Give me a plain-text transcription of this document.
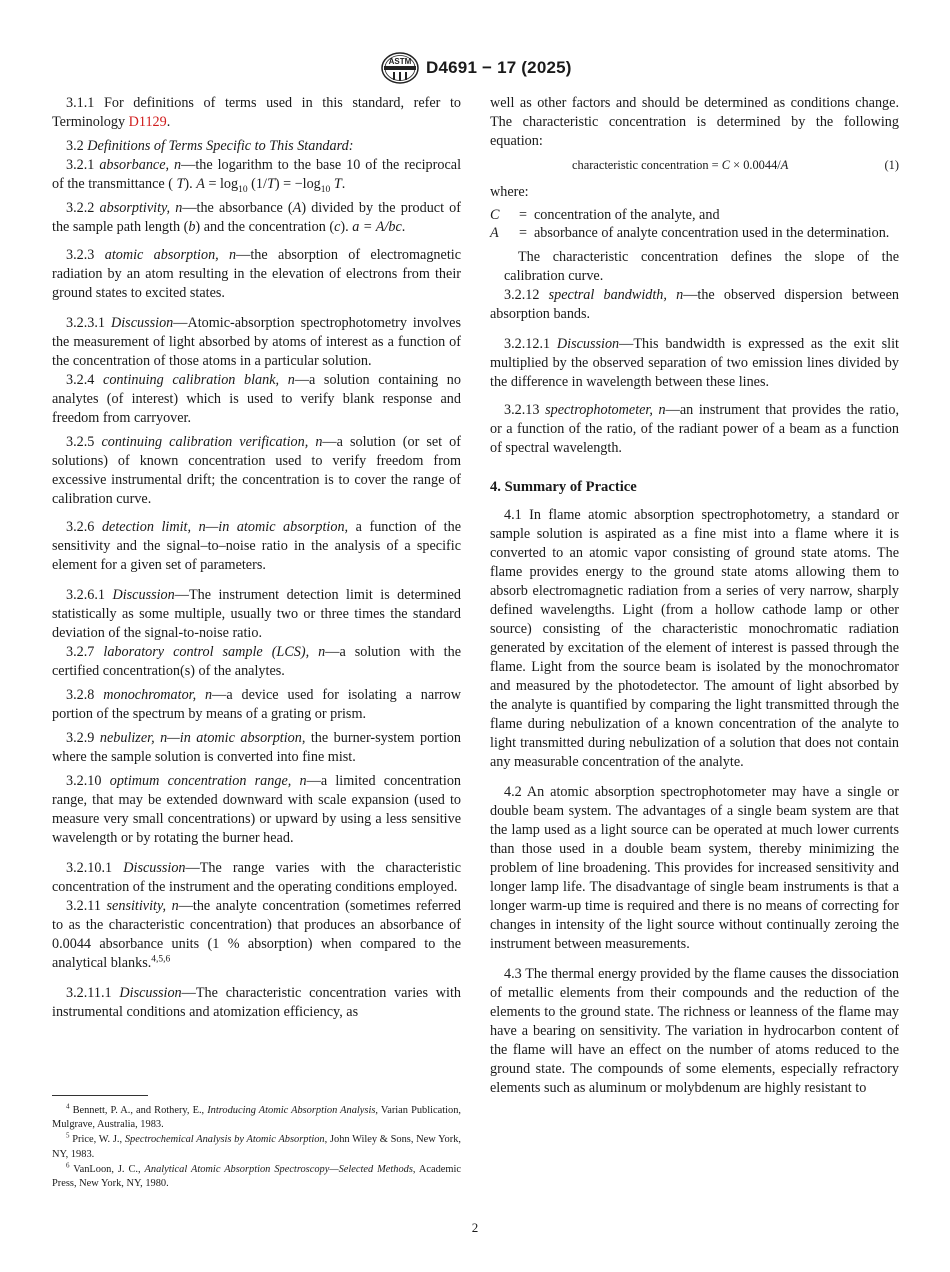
ASTM D4691 − 17 (2025)

3.1.1 For definitions of terms used in this standard, refer to Terminology D1129.

3.2 Definitions of Terms Specific to This Standard:

3.2.1 absorbance, n—the logarithm to the base 10 of the reciprocal of the transmittance ( T). $A = \log_{10} (1/T) = -\log_{10}$ T.

3.2.2 absorptivity, n—the absorbance (A) divided by the product of the sample path length (b) and the concentration (c). a = A/bc.

3.2.3 atomic absorption, n—the absorption of electromagnetic radiation by an atom resulting in the elevation of electrons from their ground states to excited states.

3.2.3.1 Discussion—Atomic-absorption spectrophotometry involves the measurement of light absorbed by atoms of interest as a function of the concentration of those atoms in a particular solution.

3.2.4 continuing calibration blank, n—a solution containing no analytes (of interest) which is used to verify blank response and freedom from carryover.

3.2.5 continuing calibration verification, n—a solution (or set of solutions) of known concentration used to verify freedom from excessive instrumental drift; the concentration is to cover the range of calibration curve.

3.2.6 detection limit, n—in atomic absorption, a function of the sensitivity and the signal–to–noise ratio in the analysis of a specific element for a given set of parameters.

3.2.6.1 Discussion—The instrument detection limit is determined statistically as some multiple, usually two or three times the standard deviation of the signal-to-noise ratio.

3.2.7 laboratory control sample (LCS), n—a solution with the certified concentration(s) of the analytes.

3.2.8 monochromator, n—a device used for isolating a narrow portion of the spectrum by means of a grating or prism.

3.2.9 nebulizer, n—in atomic absorption, the burner-system portion where the sample solution is converted into fine mist.

3.2.10 optimum concentration range, n—a limited concentration range, that may be extended downward with scale expansion (used to measure very small concentrations) or upward by using a less sensitive wavelength or by rotating the burner head.

3.2.10.1 Discussion—The range varies with the characteristic concentration of the instrument and the operating conditions employed.

3.2.11 sensitivity, n—the analyte concentration (sometimes referred to as the characteristic concentration) that produces an absorbance of 0.0044 absorbance units (1 % absorption) when compared to the analytical blanks.$^{4,5,6}$

3.2.11.1 Discussion—The characteristic concentration varies with instrumental conditions and atomization efficiency, as

well as other factors and should be determined as conditions change. The characteristic concentration is determined by the following equation:

characteristic concentration = C × 0.0044/A	(1)

where:

C	= concentration of the analyte, and
A	= absorbance of analyte concentration used in the determination.

The characteristic concentration defines the slope of the calibration curve.

3.2.12 spectral bandwidth, n—the observed dispersion between absorption bands.

3.2.12.1 Discussion—This bandwidth is expressed as the exit slit multiplied by the observed separation of two emission lines divided by the difference in wavelength between these lines.

3.2.13 spectrophotometer, n—an instrument that provides the ratio, or a function of the ratio, of the radiant power of a beam as a function of spectral wavelength.

4. Summary of Practice

4.1 In flame atomic absorption spectrophotometry, a standard or sample solution is aspirated as a fine mist into a flame where it is converted to an atomic vapor consisting of ground state atoms. The flame provides energy to the ground state atoms allowing them to absorb electromagnetic radiation from a series of very narrow, sharply defined wavelengths. Light (from a hollow cathode lamp or other source) consisting of the characteristic monochromatic radiation generated by excitation of the element of interest is passed through the flame. Light from the source beam is isolated by the monochromator and measured by the photodetector. The amount of light absorbed by the analyte is quantified by comparing the light transmitted through the flame during nebulization of a known concentration of the analyte to light transmitted during nebulization of a solution that does not contain any measurable concentration of the analyte.

4.2 An atomic absorption spectrophotometer may have a single or double beam system. The advantages of a single beam system are that the lamp used as a light source can be operated at much lower currents than those used in a double beam system, thereby minimizing the problem of line broadening. This provides for increased sensitivity and longer lamp life. The disadvantage of single beam instruments is that a longer warm-up time is required and there is no means of correcting for changes in intensity of the light source without continually zeroing the instrument between measurements.

4.3 The thermal energy provided by the flame causes the dissociation of metallic elements from their compounds and the reduction of the elements to the ground state. The richness or leanness of the flame may have a bearing on sensitivity. The variation in hydrocarbon content of the flame will have an effect on the number of atoms reduced to the ground state. The compounds of some elements, especially refractory elements such as aluminum or molybdenum are highly resistant to

$^4$ Bennett, P. A., and Rothery, E., Introducing Atomic Absorption Analysis, Varian Publication, Mulgrave, Australia, 1983.

$^5$ Price, W. J., Spectrochemical Analysis by Atomic Absorption, John Wiley & Sons, New York, NY, 1983.

$^6$ VanLoon, J. C., Analytical Atomic Absorption Spectroscopy—Selected Methods, Academic Press, New York, NY, 1980.

2
